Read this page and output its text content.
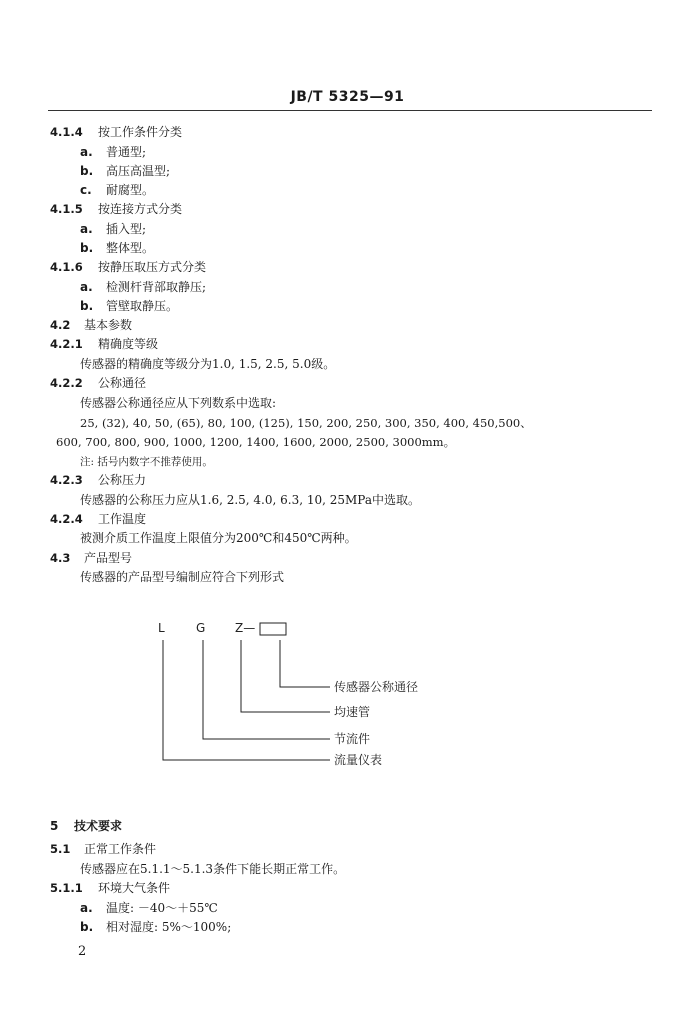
JB/T 5325—91
4.1.4 按工作条件分类
a. 普通型;
b. 高压高温型;
c. 耐腐型。
4.1.5 按连接方式分类
a. 插入型;
b. 整体型。
4.1.6 按静压取压方式分类
a. 检测杆背部取静压;
b. 管壁取静压。
4.2 基本参数
4.2.1 精确度等级
传感器的精确度等级分为1.0, 1.5, 2.5, 5.0级。
4.2.2 公称通径
传感器公称通径应从下列数系中选取:
25, (32), 40, 50, (65), 80, 100, (125), 150, 200, 250, 300, 350, 400, 450,500、
600, 700, 800, 900, 1000, 1200, 1400, 1600, 2000, 2500, 3000mm。
注: 括号内数字不推荐使用。
4.2.3 公称压力
传感器的公称压力应从1.6, 2.5, 4.0, 6.3, 10, 25MPa中选取。
4.2.4 工作温度
被测介质工作温度上限值分为200℃和450℃两种。
4.3 产品型号
传感器的产品型号编制应符合下列形式
L	G Z—
传感器公称通径
均速管
节流件
流量仪表
5 技术要求
5.1 正常工作条件
传感器应在5.1.1～5.1.3条件下能长期正常工作。
5.1.1 环境大气条件
a. 温度: －40～＋55℃
b. 相对湿度: 5%～100%;
2
